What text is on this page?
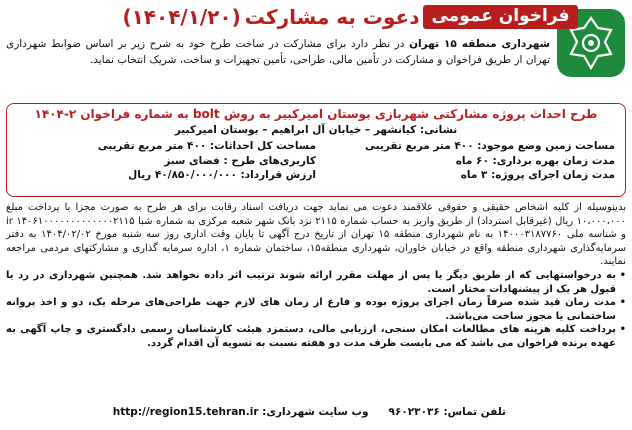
فراخوان عمومی
دعوت به مشارکت
(۱۴۰۴/۱/۲۰)
شهرداری منطقه ۱۵ تهران در نظر دارد برای مشارکت در ساخت طرح خود به شرح زیر بر اساس ضوابط شهرداری تهران از طریق فراخوان و مشارکت در تأمین مالی، طراحی، تأمین تجهیزات و ساخت، شریک انتخاب نماید.
طرح احداث پروژه مشارکتی شهربازی بوستان امیرکبیر به روش bolt به شماره فراخوان ۲-۱۴۰۴
نشانی: کیانشهر – خیابان آل ابراهیم – بوستان امیرکبیر
مساحت زمین وضع موجود: ۴۰۰ متر مربع تقریبی
مدت زمان بهره برداری: ۶۰ ماه
مدت زمان اجرای پروژه: ۳ ماه
مساحت کل احداثات: ۴۰۰ متر مربع تقریبی
کاربری‌های طرح : فضای سبز
ارزش قرارداد: ۴۰/۸۵۰/۰۰۰/۰۰۰ ریال

بدینوسیله از کلیه اشخاص حقیقی و حقوقی علاقمند دعوت می نماید جهت دریافت اسناد رقابت برای هر طرح به صورت مجزا با پرداخت مبلغ ۱۰،۰۰۰،۰۰۰ ریال (غیرقابل استرداد) از طریق واریز به حساب شماره ۲۱۱۵ نزد بانک شهر شعبه مرکزی به شماره شبا ir ۱۴۰۶۱۰۰۰۰۰۰۰۰۰۰۰۰۰۲۱۱۵ و شناسه ملی ۱۴۰۰۰۳۱۸۷۷۶۰ به نام شهرداری منطقه ۱۵ تهران از تاریخ درج آگهی تا پایان وقت اداری روز سه شنبه مورخ ۱۴۰۴/۰۲/۰۲ به دفتر سرمایه‌گذاری شهرداری منطقه واقع در خیابان خاوران، شهرداری منطقه۱۵، ساختمان شماره ۱، اداره سرمایه گذاری و مشارکتهای مردمی مراجعه نمایند.

• به درخواستهایی که از طریق دیگر یا پس از مهلت مقرر ارائه شوند ترتیب اثر داده نخواهد شد. همچنین شهرداری در رد یا قبول هر یک از پیشنهادات مختار است.

• مدت زمان قید شده صرفاً زمان اجرای پروژه بوده و فارغ از زمان های لازم جهت طراحی‌های مرحله یک، دو و اخذ پروانه ساختمانی یا مجوز ساخت می‌باشد.

• پرداخت کلیه هزینه های مطالعات امکان سنجی، ارزیابی مالی، دستمزد هیئت کارشناسان رسمی دادگستری و چاپ آگهی به عهده برنده فراخوان می باشد که می بایست ظرف مدت دو هفته نسبت به تسویه آن اقدام گردد.

تلفن تماس: ۹۶۰۲۳۰۳۶
وب سایت شهرداری: http://region15.tehran.ir
